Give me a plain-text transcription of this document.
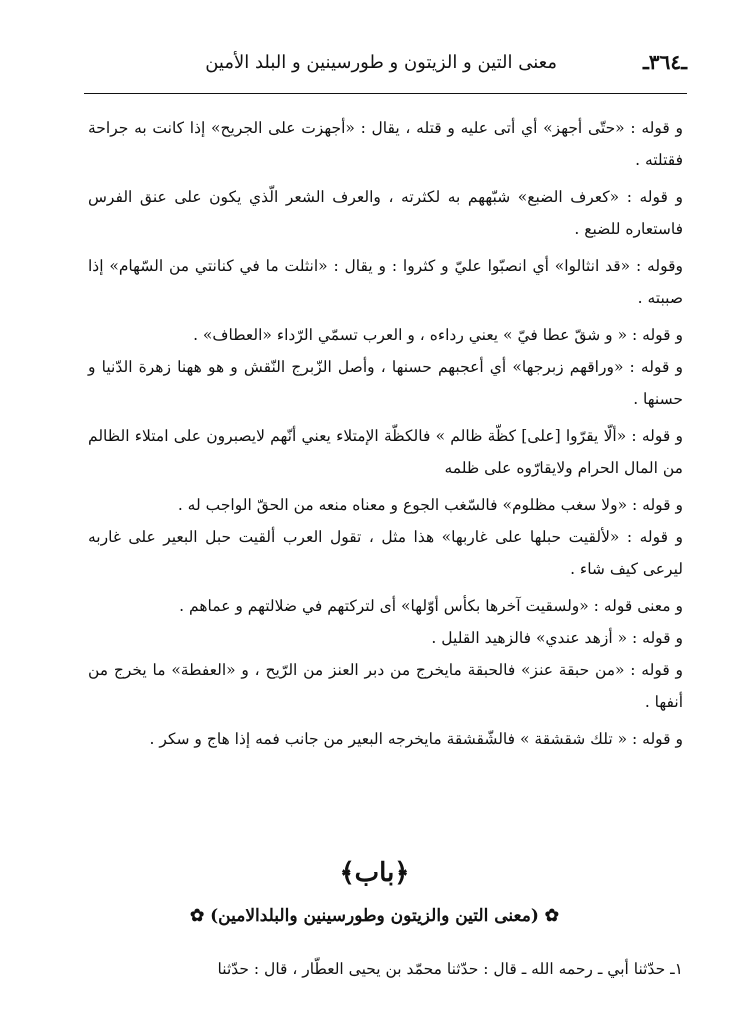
ـ٣٦٤ـ
معنى التين و الزيتون و طورسينين و البلد الأمين

و قوله : «حتّى أجهز» أي أتى عليه و قتله ، يقال : «أجهزت على الجريح» إذا كانت به جراحة فقتلته .

و قوله : «كعرف الضبع» شبّههم به لكثرته ، والعرف الشعر الّذي يكون على عنق الفرس فاستعاره للضبع .

وقوله : «قد انثالوا» أي انصبّوا عليّ و كثروا : و يقال : «انثلت ما في كنانتي من السّهام» إذا صببته .

و قوله : « و شقّ عطا فيّ » يعني رداءه ، و العرب تسمّي الرّداء «العطاف» .

و قوله : «وراقهم زبرجها» أي أعجبهم حسنها ، وأصل الزّبرج النّقش و هو ههنا زهرة الدّنيا و حسنها .

و قوله : «ألّا يقرّوا [على] كظّة ظالم » فالكظّة الإمتلاء يعني أنّهم لايصبرون على امتلاء الظالم من المال الحرام ولايقارّوه على ظلمه

و قوله : «ولا سغب مظلوم» فالسّغب الجوع و معناه منعه من الحقّ الواجب له .

و قوله : «لألقيت حبلها على غاربها» هذا مثل ، تقول العرب ألقيت حبل البعير على غاربه ليرعى كيف شاء .

و معنى قوله : «ولسقيت آخرها بكأس أوّلها» أى لتركتهم في ضلالتهم و عماهم .

و قوله : « أزهد عندي» فالزهيد القليل .

و قوله : «من حبقة عنز» فالحبقة مايخرج من دبر العنز من الرّيح ، و «العفطة» ما يخرج من أنفها .

و قوله : « تلك شقشقة » فالشّقشقة مايخرجه البعير من جانب فمه إذا هاج و سكر .

﴿باب﴾
✿ (معنى التين والزيتون وطورسينين والبلدالامين) ✿
١ـ حدّثنا أبي ـ رحمه الله ـ قال : حدّثنا محمّد بن يحيى العطّار ، قال : حدّثنا
